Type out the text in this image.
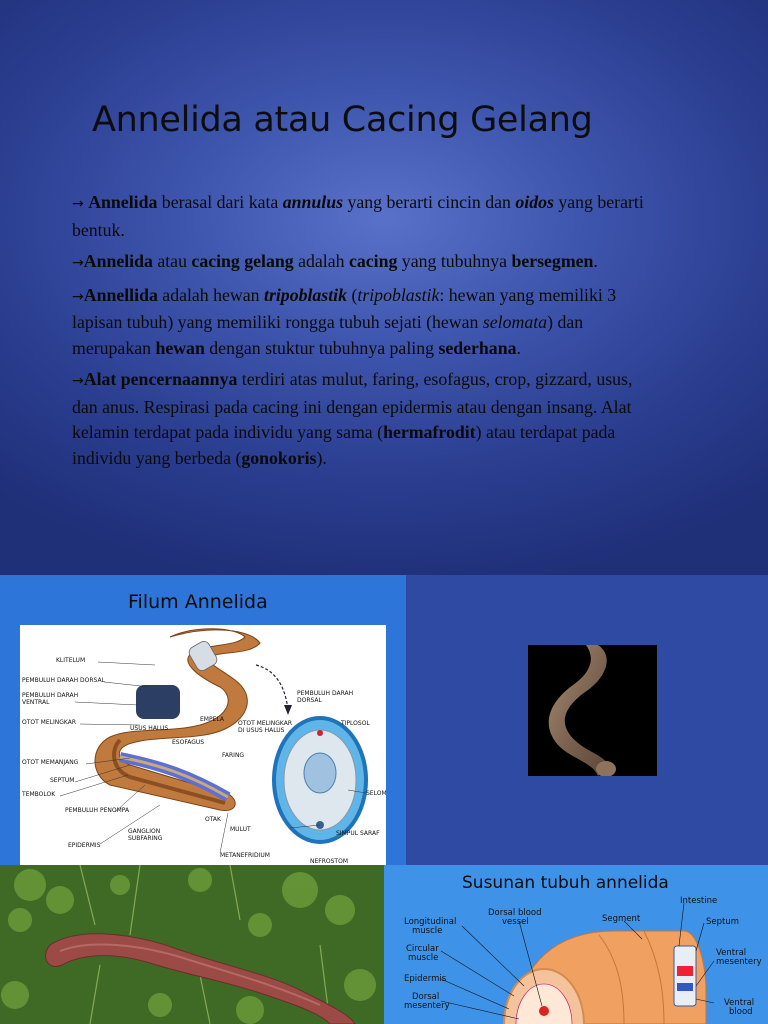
Annelida atau Cacing Gelang

→ Annelida berasal dari kata annulus yang berarti cincin dan oidos yang berarti bentuk.

→Annelida atau cacing gelang adalah cacing yang tubuhnya bersegmen.

→Annellida adalah hewan tripoblastik (tripoblastik: hewan yang memiliki 3 lapisan tubuh) yang memiliki rongga tubuh sejati (hewan selomata) dan merupakan hewan dengan stuktur tubuhnya paling sederhana.

→Alat pencernaannya terdiri atas mulut, faring, esofagus, crop, gizzard, usus, dan anus. Respirasi pada cacing ini dengan epidermis atau dengan insang. Alat kelamin terdapat pada individu yang sama (hermafrodit) atau terdapat pada individu yang berbeda (gonokoris).

Filum Annelida
KLITELUM
PEMBULUH DARAH DORSAL
PEMBULUH DARAH
VENTRAL
OTOT MELINGKAR
OTOT MEMANJANG
SEPTUM
TEMBOLOK
PEMBULUH PENOMPA
EPIDERMIS
USUS HALUS
EMPELA
ESOFAGUS
FARING
OTAK
MULUT
GANGLION
SUBFARING
OTOT MELINGKAR
DI USUS HALUS
PEMBULUH DARAH
DORSAL
TIPLOSOL
SELOM
SIMPUL SARAF
METANEFRIDIUM
NEFROSTOM
Susunan tubuh annelida
Longitudinal
muscle
Dorsal blood
vessel	Segment
Intestine
Septum
Circular
muscle	Ventral
mesentery
Epidermis
Dorsal
mesentery	Ventral
blood
